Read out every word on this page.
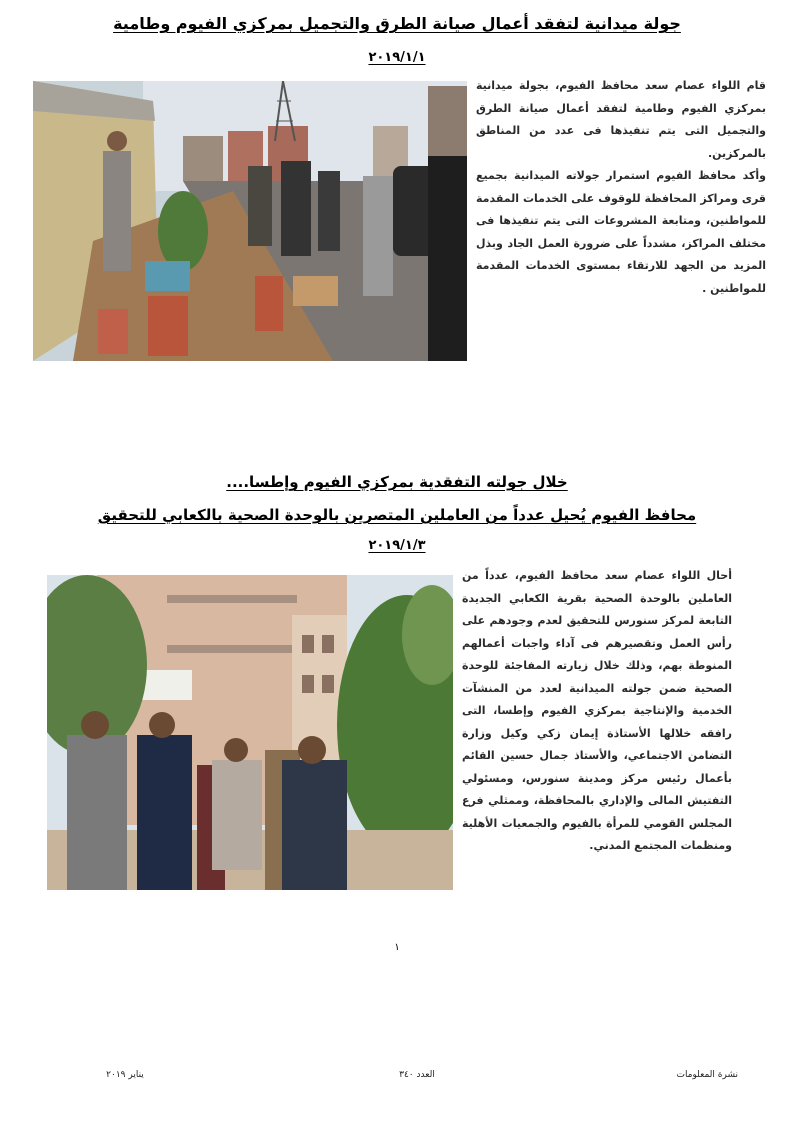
جولة ميدانية لتفقد أعمال صيانة الطرق والتجميل بمركزي الفيوم وطامية
٢٠١٩/١/١

قام اللواء عصام سعد محافظ الفيوم، بجولة ميدانية بمركزي الفيوم وطامية لتفقد أعمال صيانة الطرق والتجميل التى يتم تنفيذها فى عدد من المناطق بالمركزين.

وأكد محافظ الفيوم استمرار جولاته الميدانية بجميع قرى ومراكز المحافظة للوقوف على الخدمات المقدمة للمواطنين، ومتابعة المشروعات التى يتم تنفيذها فى مختلف المراكز، مشدداً على ضرورة العمل الجاد وبذل المزيد من الجهد للارتقاء بمستوى الخدمات المقدمة للمواطنين .

خلال جولته التفقدية بمركزي الفيوم وإطسا....
محافظ الفيوم يُحيل عدداً من العاملين المتصرين بالوحدة الصحية بالكعابي للتحقيق
٢٠١٩/١/٣

أحال اللواء عصام سعد محافظ الفيوم، عدداً من العاملين بالوحدة الصحية بقرية الكعابي الجديدة التابعة لمركز سنورس للتحقيق لعدم وجودهم على رأس العمل وتقصيرهم فى آداء واجبات أعمالهم المنوطة بهم، وذلك خلال زيارته المفاجئة للوحدة الصحية ضمن جولته الميدانية لعدد من المنشآت الخدمية والإنتاجية بمركزي الفيوم وإطسا، التى رافقه خلالها الأستاذة إيمان زكي وكيل وزارة التضامن الاجتماعي، والأستاذ جمال حسين القائم بأعمال رئيس مركز ومدينة سنورس، ومسئولي التفتيش المالى والإداري بالمحافظة، وممثلي فرع المجلس القومي للمرأة بالفيوم والجمعيات الأهلية ومنظمات المجتمع المدني.

١
نشرة المعلومات
العدد ٣٤٠
يناير ٢٠١٩
